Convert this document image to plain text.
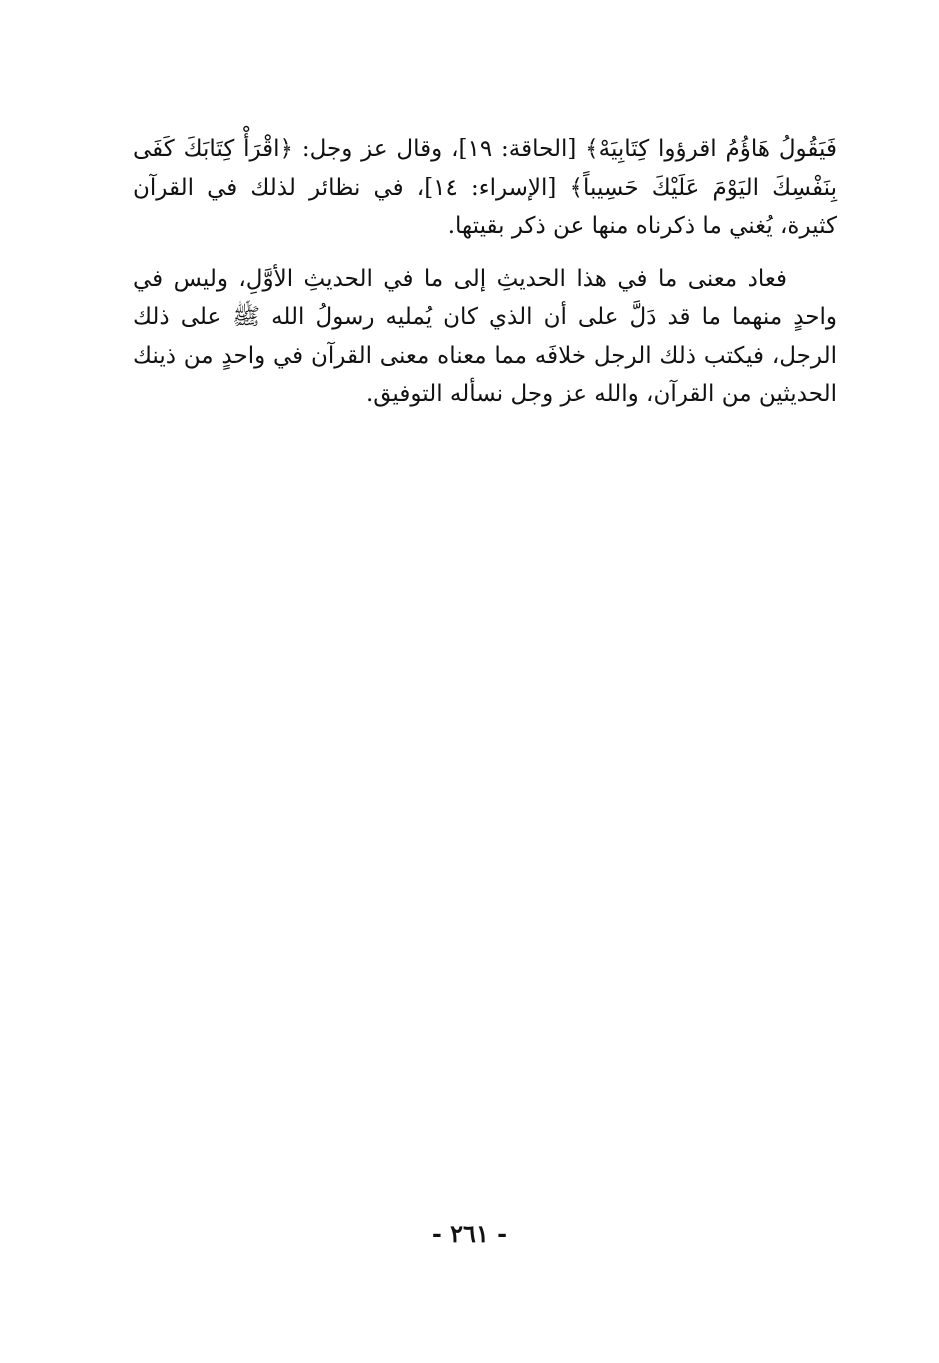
فَيَقُولُ هَاؤُمُ اقرؤوا كِتَابِيَهْ﴾ [الحاقة: ١٩]، وقال عز وجل: ﴿اقْرَأْ كِتَابَكَ كَفَى بِنَفْسِكَ اليَوْمَ عَلَيْكَ حَسِيباً﴾ [الإسراء: ١٤]، في نظائر لذلك في القرآن كثيرة، يُغني ما ذكرناه منها عن ذكر بقيتها.

فعاد معنى ما في هذا الحديثِ إلى ما في الحديثِ الأوَّلِ، وليس في واحدٍ منهما ما قد دَلَّ على أن الذي كان يُمليه رسولُ الله ﷺ على ذلك الرجل، فيكتب ذلك الرجل خلافَه مما معناه معنى القرآن في واحدٍ من ذينك الحديثين من القرآن، والله عز وجل نسأله التوفيق.

- ٢٦١ -
